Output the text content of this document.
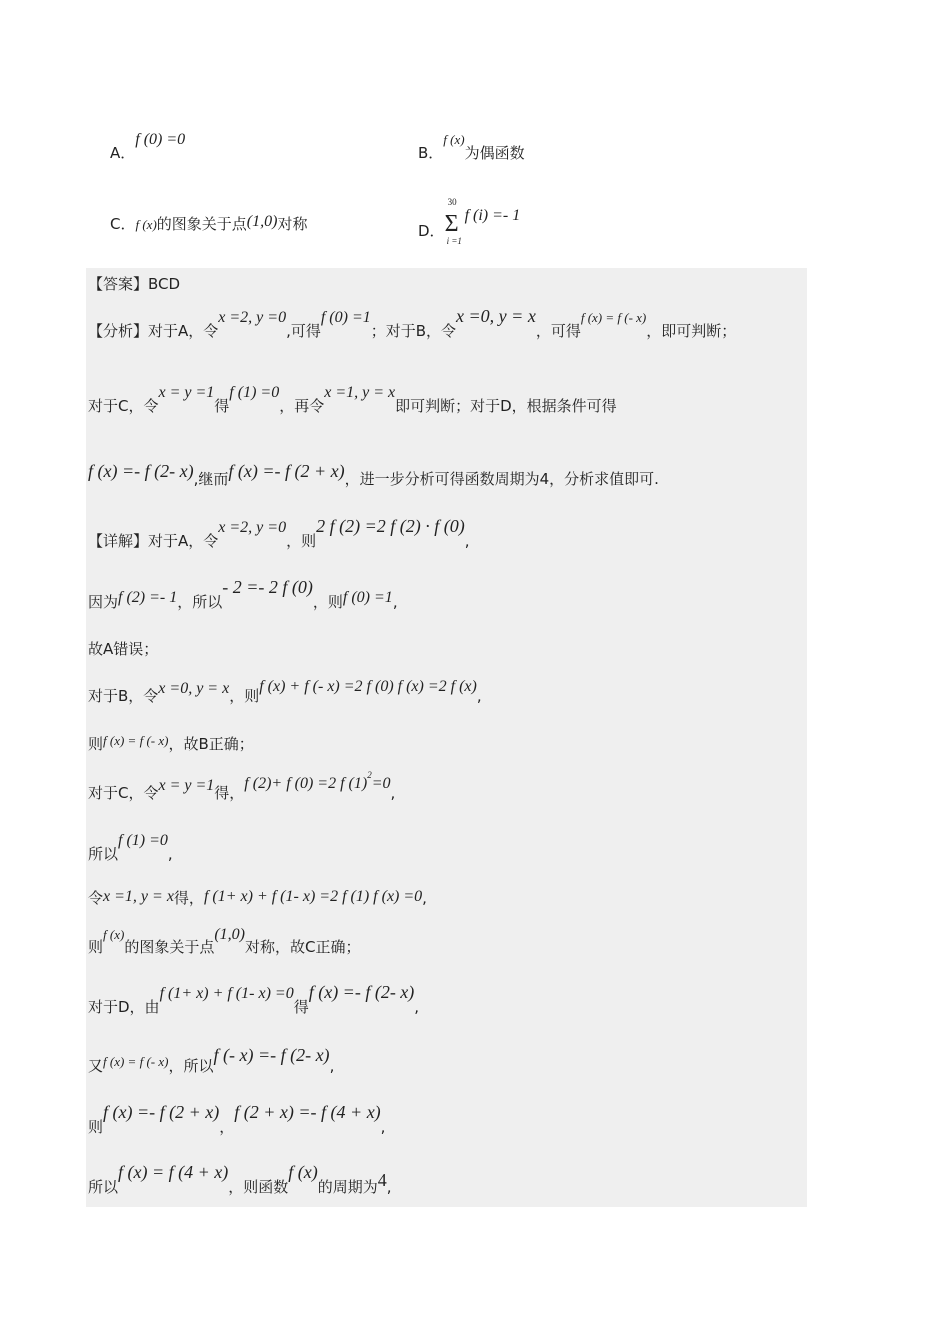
A．f (0) =0
B．f (x)为偶函数
C．f (x)的图象关于点(1,0)对称	D． Σ
30
i =1
f (i) =- 1
【答案】BCD
【分析】对于A，令x =2, y =0,可得f (0) =1；对于B，令x =0, y = x，可得f (x) = f (- x)，即可判断；
对于C，令x = y =1得f (1) =0，再令x =1, y = x即可判断；对于D，根据条件可得
f (x) =- f (2- x),继而f (x) =- f (2 + x)，进一步分析可得函数周期为4，分析求值即可.
【详解】对于A，令x =2, y =0，则2 f (2) =2 f (2) · f (0),
因为f (2) =- 1，所以- 2 =- 2 f (0)，则f (0) =1,
故A错误；
对于B，令x =0, y = x，则f (x) + f (- x) =2 f (0) f (x) =2 f (x),
则f (x) = f (- x)，故B正确；
对于C，令x = y =1得，f (2)+ f (0) =2 f $(1)^2=0$,
所以f (1) =0,
令x =1, y = x得，f (1+ x) + f (1- x) =2 f (1) f (x) =0,
则f (x)的图象关于点(1,0)对称，故C正确；
对于D，由f (1+ x) + f (1- x) =0得f (x) =- f (2- x),
又f (x) = f (- x)，所以f (- x) =- f (2- x),
则f (x) =- f (2 + x)，f (2 + x) =- f (4 + x),
所以f (x) = f (4 + x)，则函数f (x)的周期为4,
